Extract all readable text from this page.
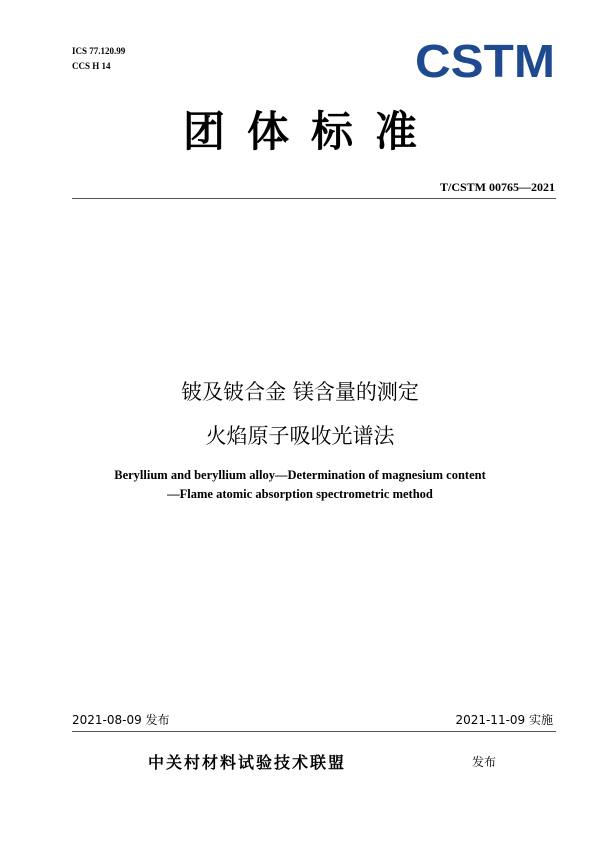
ICS 77.120.99
CCS H 14	CSTM
团体标准
T/CSTM 00765—2021
铍及铍合金 镁含量的测定
火焰原子吸收光谱法
Beryllium and beryllium alloy—Determination of magnesium content
—Flame atomic absorption spectrometric method
2021-08-09 发布	2021-11-09 实施
中关村材料试验技术联盟	发布
